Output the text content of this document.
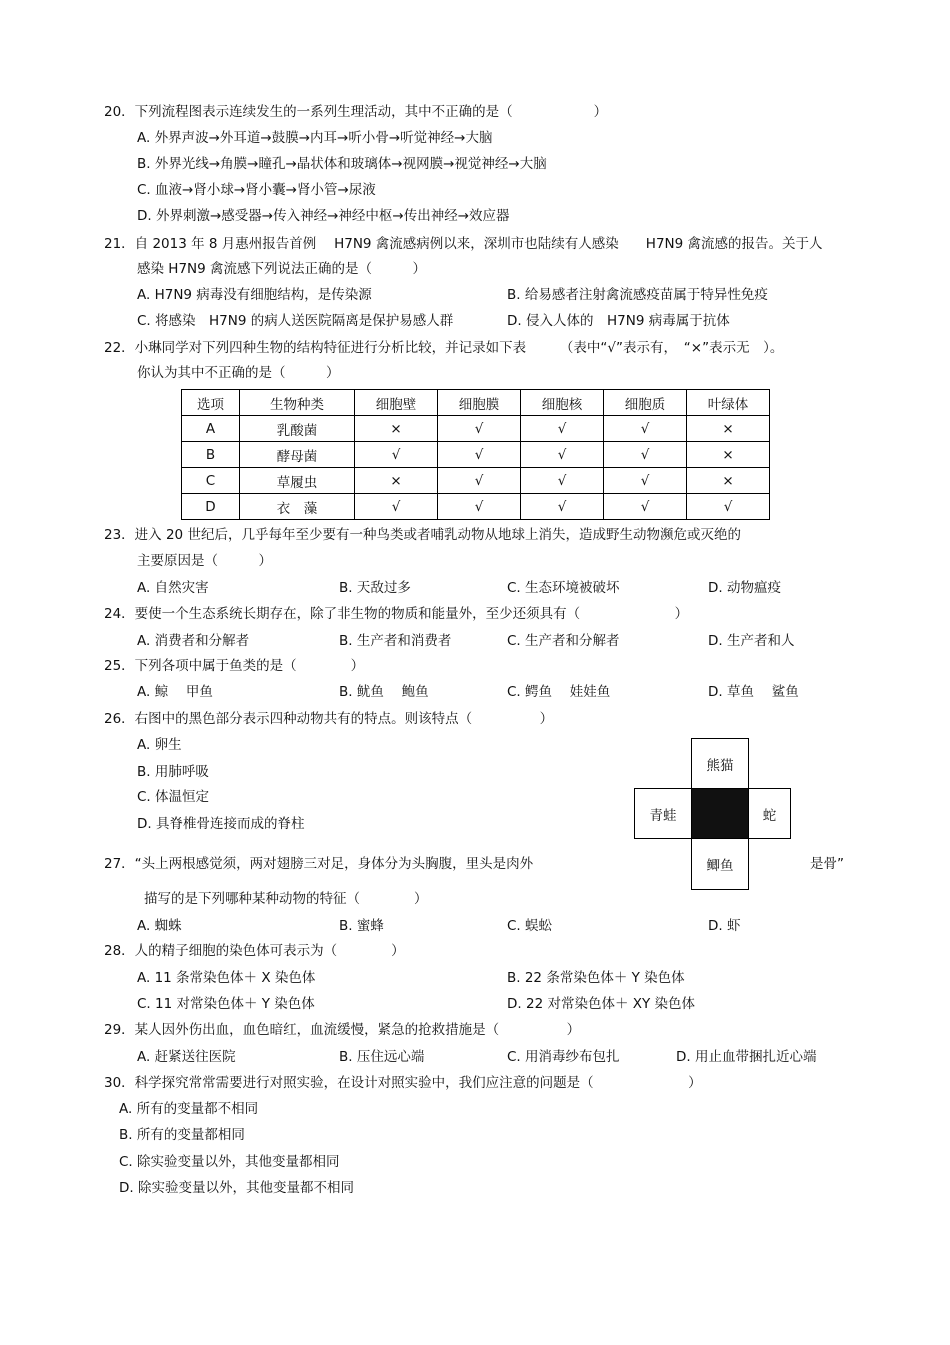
20．下列流程图表示连续发生的一系列生理活动，其中不正确的是（　　　　　　）
A. 外界声波→外耳道→鼓膜→内耳→听小骨→听觉神经→大脑
B. 外界光线→角膜→瞳孔→晶状体和玻璃体→视网膜→视觉神经→大脑
C. 血液→肾小球→肾小囊→肾小管→尿液
D. 外界刺激→感受器→传入神经→神经中枢→传出神经→效应器
21．自 2013 年 8 月惠州报告首例　 H7N9 禽流感病例以来，深圳市也陆续有人感染　　H7N9 禽流感的报告。关于人
感染 H7N9 禽流感下列说法正确的是（　　　）
A. H7N9 病毒没有细胞结构，是传染源	B. 给易感者注射禽流感疫苗属于特异性免疫
C. 将感染　H7N9 的病人送医院隔离是保护易感人群	D. 侵入人体的　H7N9 病毒属于抗体
22．小琳同学对下列四种生物的结构特征进行分析比较，并记录如下表　　　（表中“√”表示有，　“×”表示无　）。
你认为其中不正确的是（　　　）
选项	生物种类	细胞壁	细胞膜	细胞核	细胞质	叶绿体
A	乳酸菌	×	√	√	√	×
B	酵母菌	√	√	√	√	×
C	草履虫	×	√	√	√	×
D	衣　藻	√	√	√	√	√
23．进入 20 世纪后，几乎每年至少要有一种鸟类或者哺乳动物从地球上消失，造成野生动物濒危或灭绝的
主要原因是（　　　）
A. 自然灾害	B. 天敌过多	C. 生态环境被破坏	D. 动物瘟疫
24．要使一个生态系统长期存在，除了非生物的物质和能量外，至少还须具有（　　　　　　　）
A. 消费者和分解者	B. 生产者和消费者	C. 生产者和分解者	D. 生产者和人
25．下列各项中属于鱼类的是（　　　　）
A. 鲸　 甲鱼	B. 鱿鱼　 鲍鱼	C. 鳄鱼　 娃娃鱼	D. 草鱼　 鲨鱼
26．右图中的黑色部分表示四种动物共有的特点。则该特点（　　　　　）
A. 卵生
B. 用肺呼吸
C. 体温恒定
D. 具脊椎骨连接而成的脊柱
熊猫
青蛙	蛇
鲫鱼
27．“头上两根感觉须，两对翅膀三对足，身体分为头胸腹，里头是肉外	是骨”
描写的是下列哪种某种动物的特征（　　　　）
A. 蜘蛛	B. 蜜蜂	C. 蜈蚣	D. 虾
28．人的精子细胞的染色体可表示为（　　　　）
A. 11 条常染色体＋ X 染色体	B. 22 条常染色体＋ Y 染色体
C. 11 对常染色体＋ Y 染色体	D. 22 对常染色体＋ XY 染色体
29．某人因外伤出血，血色暗红，血流缓慢，紧急的抢救措施是（　　　　　）
A. 赶紧送往医院	B. 压住远心端	C. 用消毒纱布包扎	D. 用止血带捆扎近心端
30．科学探究常常需要进行对照实验，在设计对照实验中，我们应注意的问题是（　　　　　　　）
A. 所有的变量都不相同
B. 所有的变量都相同
C. 除实验变量以外，其他变量都相同
D. 除实验变量以外，其他变量都不相同
